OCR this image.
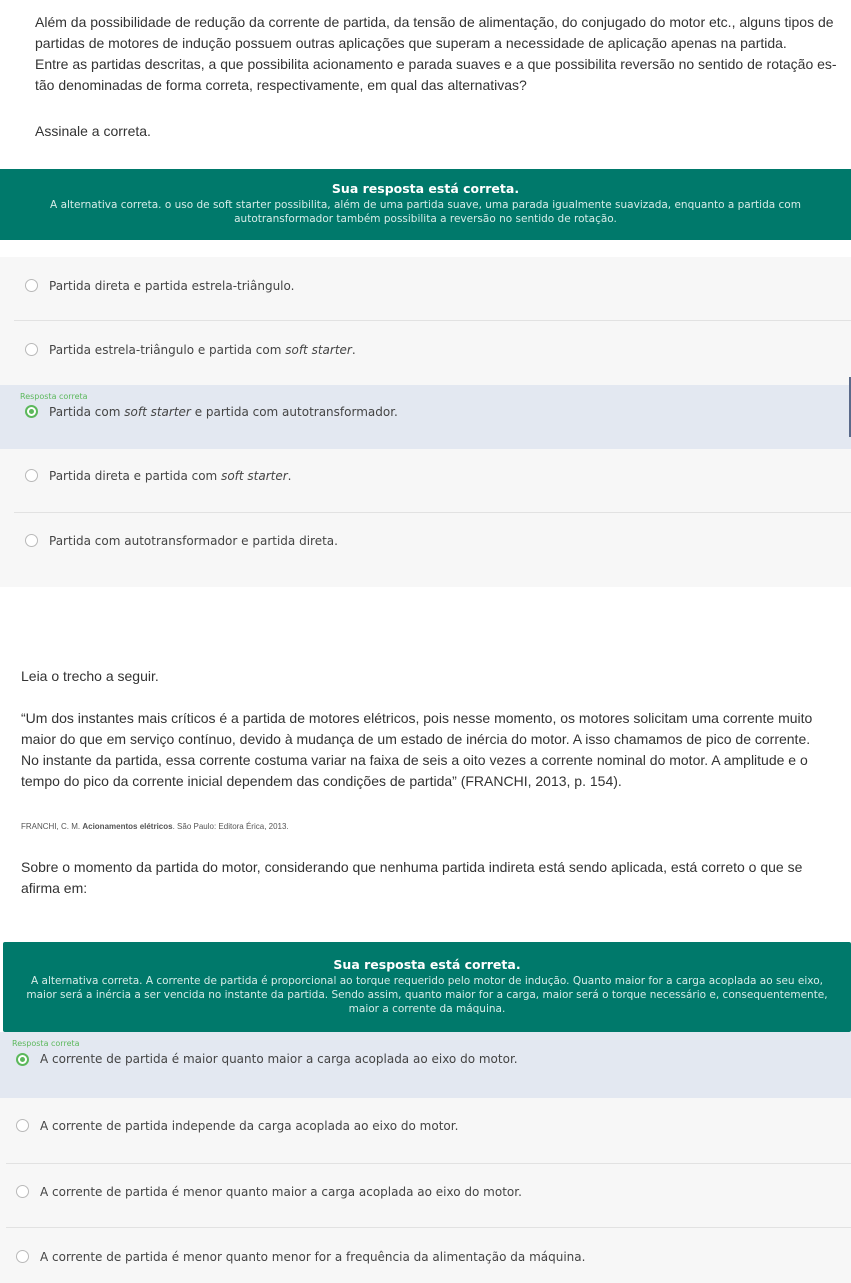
Além da possibilidade de redução da corrente de partida, da tensão de alimentação, do conjugado do motor etc., alguns tipos de
partidas de motores de indução possuem outras aplicações que superam a necessidade de aplicação apenas na partida.
Entre as partidas descritas, a que possibilita acionamento e parada suaves e a que possibilita reversão no sentido de rotação es-
tão denominadas de forma correta, respectivamente, em qual das alternativas?
Assinale a correta.
Sua resposta está correta.
A alternativa correta. o uso de soft starter possibilita, além de uma partida suave, uma parada igualmente suavizada, enquanto a partida com
autotransformador também possibilita a reversão no sentido de rotação.
Partida direta e partida estrela-triângulo.
Partida estrela-triângulo e partida com soft starter.
Resposta correta
Partida com soft starter e partida com autotransformador.
Partida direta e partida com soft starter.
Partida com autotransformador e partida direta.
Leia o trecho a seguir.
“Um dos instantes mais críticos é a partida de motores elétricos, pois nesse momento, os motores solicitam uma corrente muito
maior do que em serviço contínuo, devido à mudança de um estado de inércia do motor. A isso chamamos de pico de corrente.
No instante da partida, essa corrente costuma variar na faixa de seis a oito vezes a corrente nominal do motor. A amplitude e o
tempo do pico da corrente inicial dependem das condições de partida” (FRANCHI, 2013, p. 154).
FRANCHI, C. M. Acionamentos elétricos. São Paulo: Editora Érica, 2013.
Sobre o momento da partida do motor, considerando que nenhuma partida indireta está sendo aplicada, está correto o que se
afirma em:
Sua resposta está correta.
A alternativa correta. A corrente de partida é proporcional ao torque requerido pelo motor de indução. Quanto maior for a carga acoplada ao seu eixo,
maior será a inércia a ser vencida no instante da partida. Sendo assim, quanto maior for a carga, maior será o torque necessário e, consequentemente,
maior a corrente da máquina.
Resposta correta
A corrente de partida é maior quanto maior a carga acoplada ao eixo do motor.
A corrente de partida independe da carga acoplada ao eixo do motor.
A corrente de partida é menor quanto maior a carga acoplada ao eixo do motor.
A corrente de partida é menor quanto menor for a frequência da alimentação da máquina.
